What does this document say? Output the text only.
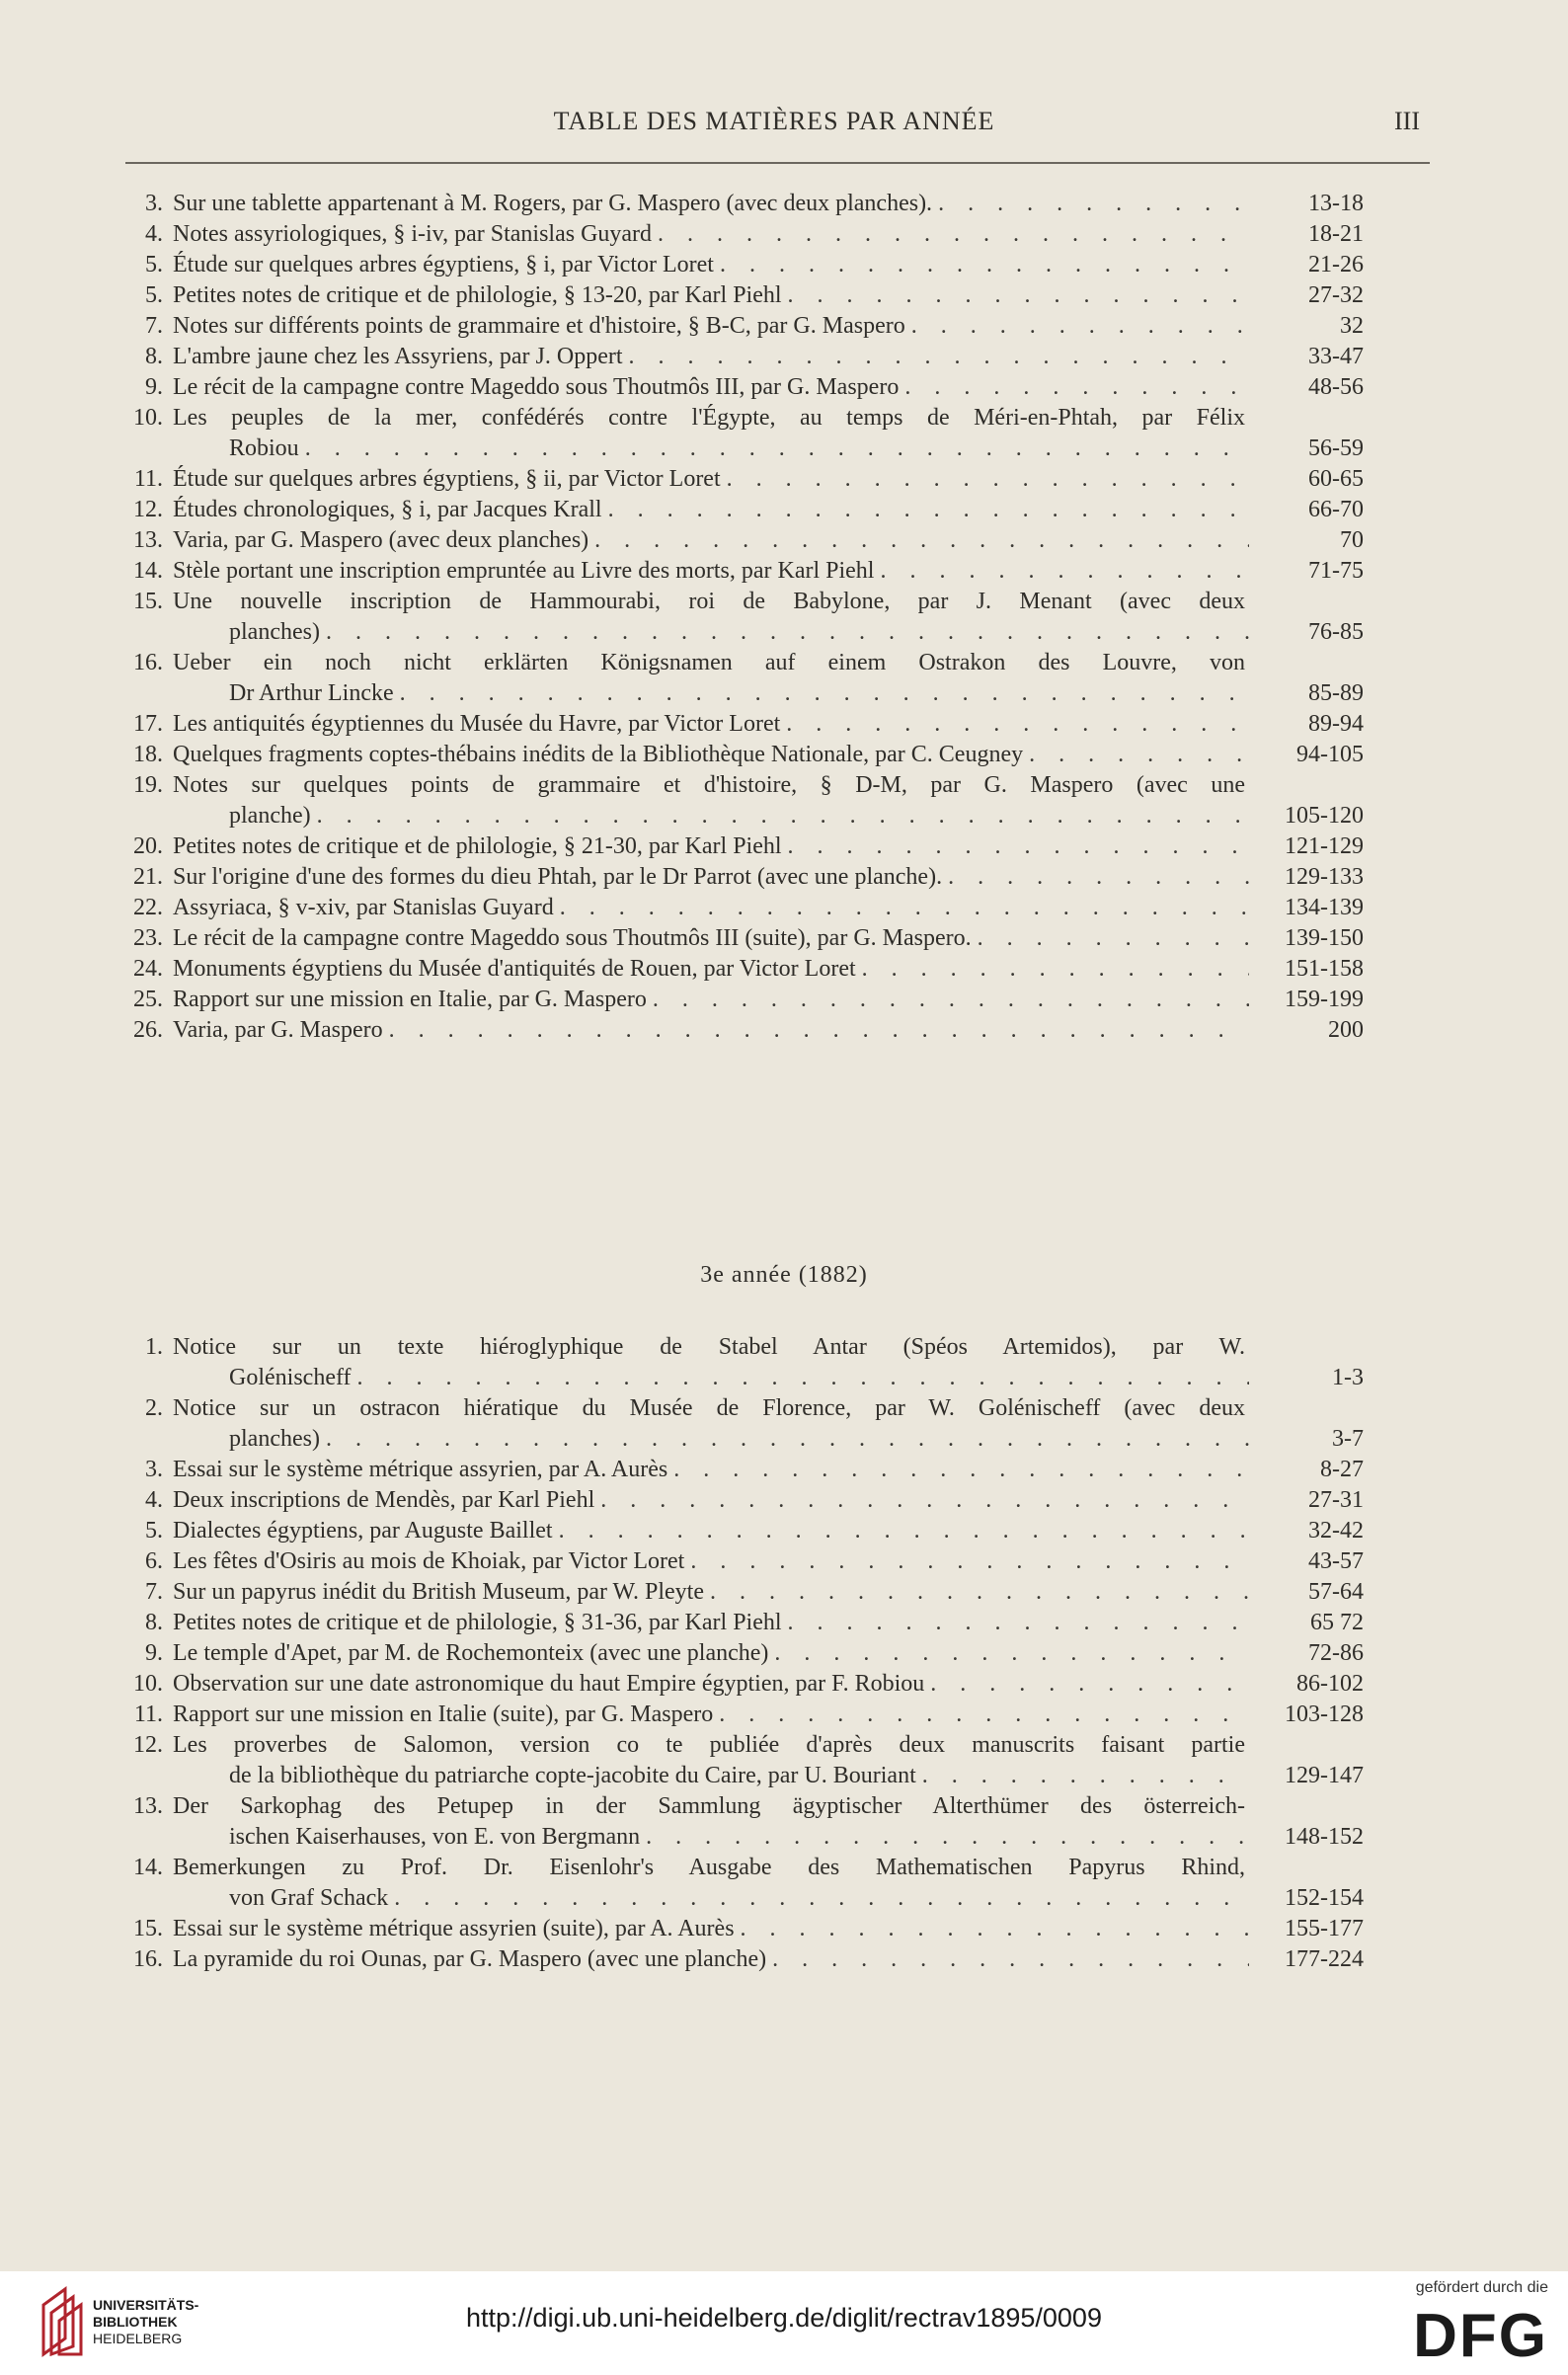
TABLE DES MATIÈRES PAR ANNÉE	III
3. Sur une tablette appartenant à M. Rogers, par G. Maspero (avec deux planches). . . .	13-18
4. Notes assyriologiques, § i-iv, par Stanislas Guyard . . .	18-21
5. Étude sur quelques arbres égyptiens, § i, par Victor Loret . . .	21-26
5. Petites notes de critique et de philologie, § 13-20, par Karl Piehl . . .	27-32
7. Notes sur différents points de grammaire et d'histoire, § B-C, par G. Maspero . . .	32
8. L'ambre jaune chez les Assyriens, par J. Oppert . . .	33-47
9. Le récit de la campagne contre Mageddo sous Thoutmôs III, par G. Maspero . . .	48-56
10. Les peuples de la mer, confédérés contre l'Égypte, au temps de Méri-en-Phtah, par Félix
Robiou . . .	56-59
11. Étude sur quelques arbres égyptiens, § ii, par Victor Loret . . .	60-65
12. Études chronologiques, § i, par Jacques Krall . . .	66-70
13. Varia, par G. Maspero (avec deux planches) . . .	70
14. Stèle portant une inscription empruntée au Livre des morts, par Karl Piehl . . .	71-75
15. Une nouvelle inscription de Hammourabi, roi de Babylone, par J. Menant (avec deux
planches) . . .	76-85
16. Ueber ein noch nicht erklärten Königsnamen auf einem Ostrakon des Louvre, von
Dr Arthur Lincke . . .	85-89
17. Les antiquités égyptiennes du Musée du Havre, par Victor Loret . . .	89-94
18. Quelques fragments coptes-thébains inédits de la Bibliothèque Nationale, par C. Ceugney . . .	94-105
19. Notes sur quelques points de grammaire et d'histoire, § D-M, par G. Maspero (avec une
planche) . . .	105-120
20. Petites notes de critique et de philologie, § 21-30, par Karl Piehl . . .	121-129
21. Sur l'origine d'une des formes du dieu Phtah, par le Dr Parrot (avec une planche). . . .	129-133
22. Assyriaca, § v-xiv, par Stanislas Guyard . . .	134-139
23. Le récit de la campagne contre Mageddo sous Thoutmôs III (suite), par G. Maspero. . . .	139-150
24. Monuments égyptiens du Musée d'antiquités de Rouen, par Victor Loret . . .	151-158
25. Rapport sur une mission en Italie, par G. Maspero . . .	159-199
26. Varia, par G. Maspero . . .	200
3e année (1882)
1. Notice sur un texte hiéroglyphique de Stabel Antar (Spéos Artemidos), par W.
Golénischeff . . .	1-3
2. Notice sur un ostracon hiératique du Musée de Florence, par W. Golénischeff (avec deux
planches) . . .	3-7
3. Essai sur le système métrique assyrien, par A. Aurès . . .	8-27
4. Deux inscriptions de Mendès, par Karl Piehl . . .	27-31
5. Dialectes égyptiens, par Auguste Baillet . . .	32-42
6. Les fêtes d'Osiris au mois de Khoiak, par Victor Loret . . .	43-57
7. Sur un papyrus inédit du British Museum, par W. Pleyte . . .	57-64
8. Petites notes de critique et de philologie, § 31-36, par Karl Piehl . . .	65 72
9. Le temple d'Apet, par M. de Rochemonteix (avec une planche) . . .	72-86
10. Observation sur une date astronomique du haut Empire égyptien, par F. Robiou . . .	86-102
11. Rapport sur une mission en Italie (suite), par G. Maspero . . .	103-128
12. Les proverbes de Salomon, version co te publiée d'après deux manuscrits faisant partie
de la bibliothèque du patriarche copte-jacobite du Caire, par U. Bouriant . . .	129-147
13. Der Sarkophag des Petupep in der Sammlung ägyptischer Alterthümer des österreich-
ischen Kaiserhauses, von E. von Bergmann . . .	148-152
14. Bemerkungen zu Prof. Dr. Eisenlohr's Ausgabe des Mathematischen Papyrus Rhind,
von Graf Schack . . .	152-154
15. Essai sur le système métrique assyrien (suite), par A. Aurès . . .	155-177
16. La pyramide du roi Ounas, par G. Maspero (avec une planche) . . .	177-224
UNIVERSITÄTS-
BIBLIOTHEK
HEIDELBERG
http://digi.ub.uni-heidelberg.de/diglit/rectrav1895/0009
gefördert durch die
DFG
